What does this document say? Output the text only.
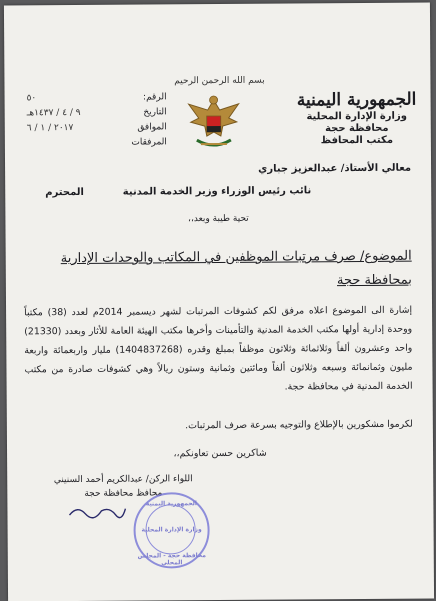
الجمهورية اليمنية
وزارة الإدارة المحلية
محافظة حجة
مكتب المحافظ
بسم الله الرحمن الرحيم
الرقم:
٥٠
التاريخ
٩ / ٤ / ١٤٣٧هـ
الموافق
٢٠١٧ / ١ / ٦
المرفقات
معالي الأستاذ/ عبدالعزيز جباري
نائب رئيس الوزراء وزير الخدمة المدنية
المحترم
تحية طيبة وبعد،،
الموضوع/ صرف مرتبات الموظفين في المكاتب والوحدات الإدارية بمحافظة حجة
إشارة الى الموضوع اعلاه مرفق لكم كشوفات المرتبات لشهر ديسمبر 2014م لعدد (38) مكتباً ووحدة إدارية أولها مكتب الخدمة المدنية والتأمينات وأخرها مكتب الهيئة العامة للأثار وبعدد (21330) واحد وعشرون ألفاً وثلاثمائة وثلاثون موظفاً بمبلغ وقدره (1404837268) مليار واربعمائة واربعة مليون وثمانمائة وسبعه وثلاثون ألفاً ومائتين وثمانية وستون ريالاً وهي كشوفات صادرة من مكتب الخدمة المدنية في محافظة حجة.
لكرموا مشكورين بالإطلاع والتوجيه بسرعة صرف المرتبات.
شاكرين حسن تعاونكم،،
اللواء الركن/ عبدالكريم أحمد السنيني
محافظ محافظة حجة
الجمهورية اليمنية
وزارة الإدارة المحلية
محافظة حجة - المجلس المحلي
